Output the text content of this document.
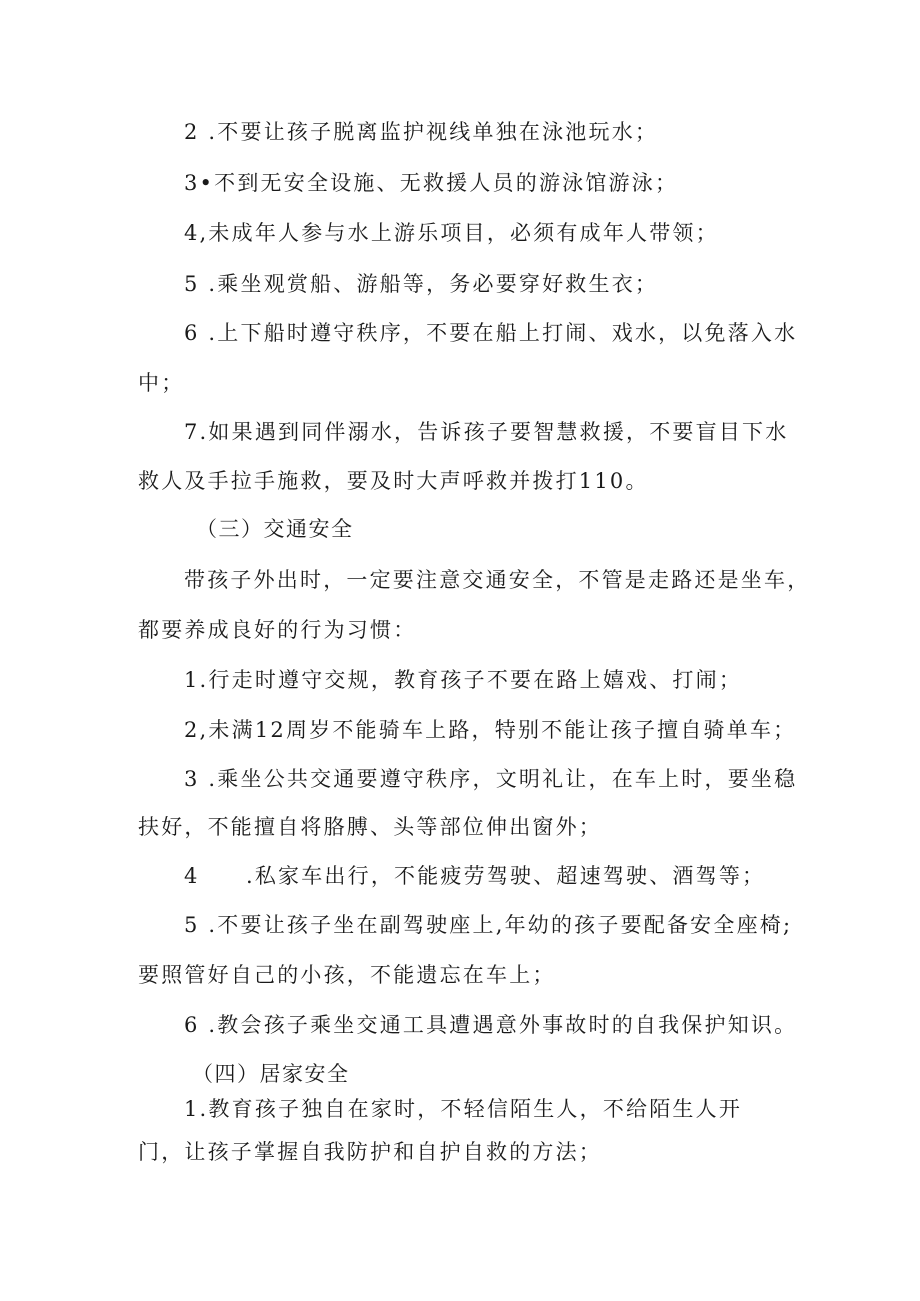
2 .不要让孩子脱离监护视线单独在泳池玩水；
3•不到无安全设施、无救援人员的游泳馆游泳；
4,未成年人参与水上游乐项目，必须有成年人带领；
5 .乘坐观赏船、游船等，务必要穿好救生衣；
6 .上下船时遵守秩序，不要在船上打闹、戏水，以免落入水
中；
7.如果遇到同伴溺水，告诉孩子要智慧救援，不要盲目下水
救人及手拉手施救，要及时大声呼救并拨打110。
（三）交通安全
带孩子外出时，一定要注意交通安全，不管是走路还是坐车，
都要养成良好的行为习惯：
1.行走时遵守交规，教育孩子不要在路上嬉戏、打闹；
2,未满12周岁不能骑车上路，特别不能让孩子擅自骑单车；
3 .乘坐公共交通要遵守秩序，文明礼让，在车上时，要坐稳
扶好，不能擅自将胳膊、头等部位伸出窗外；
4　　.私家车出行，不能疲劳驾驶、超速驾驶、酒驾等；
5 .不要让孩子坐在副驾驶座上,年幼的孩子要配备安全座椅;
要照管好自己的小孩，不能遗忘在车上；
6 .教会孩子乘坐交通工具遭遇意外事故时的自我保护知识。
（四）居家安全
1.教育孩子独自在家时，不轻信陌生人，不给陌生人开
门，让孩子掌握自我防护和自护自救的方法；
